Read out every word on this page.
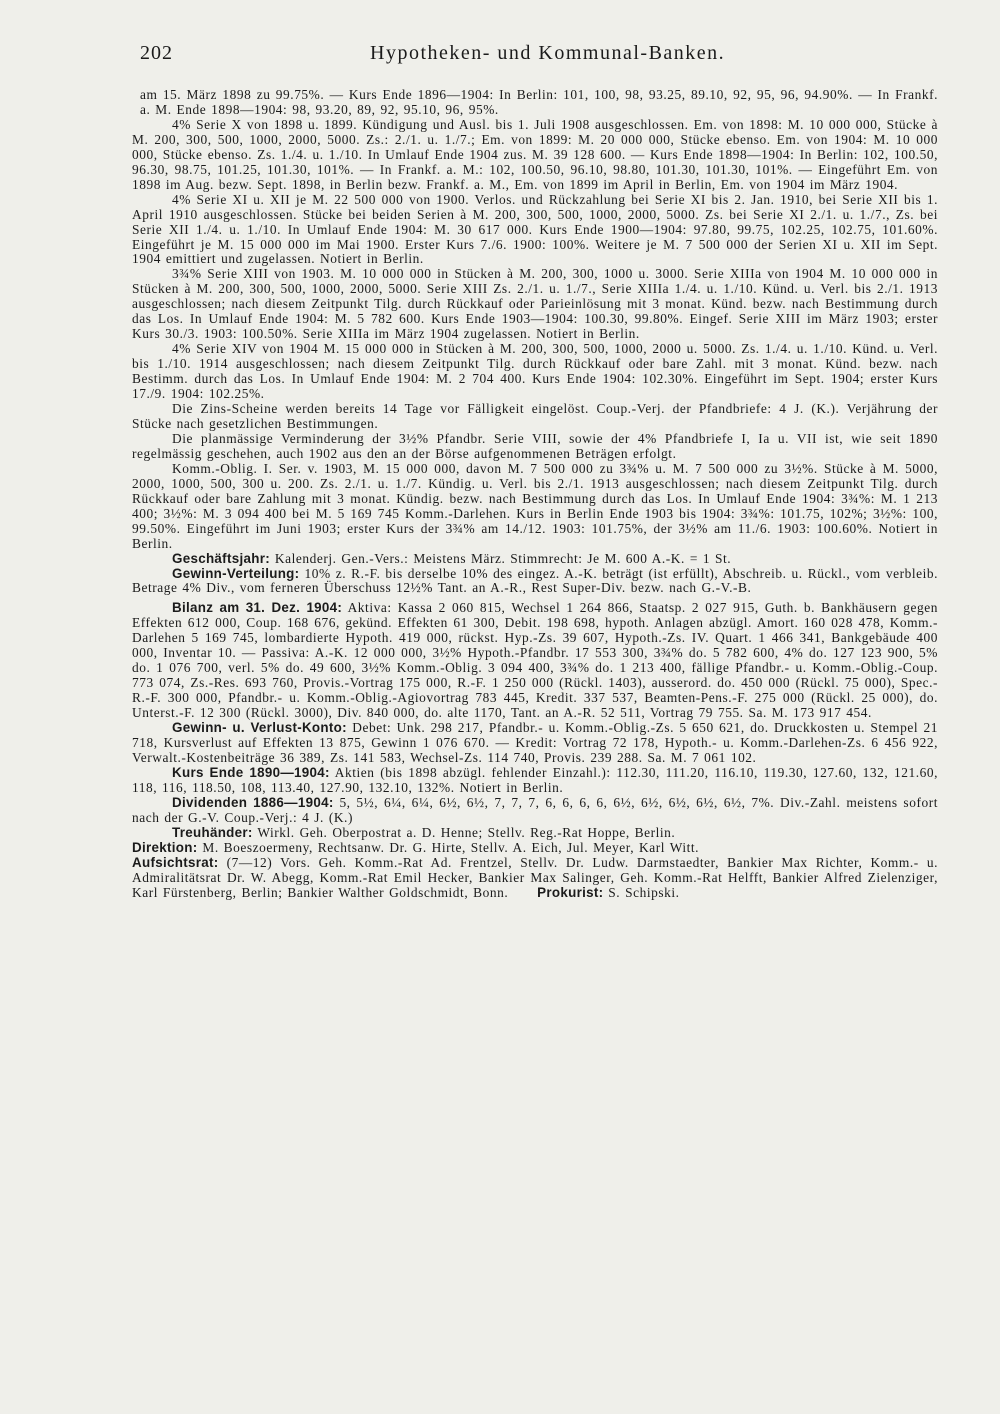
202	Hypotheken- und Kommunal-Banken.

am 15. März 1898 zu 99.75%. — Kurs Ende 1896—1904: In Berlin: 101, 100, 98, 93.25, 89.10, 92, 95, 96, 94.90%. — In Frankf. a. M. Ende 1898—1904: 98, 93.20, 89, 92, 95.10, 96, 95%.

4% Serie X von 1898 u. 1899. Kündigung und Ausl. bis 1. Juli 1908 ausgeschlossen. Em. von 1898: M. 10 000 000, Stücke à M. 200, 300, 500, 1000, 2000, 5000. Zs.: 2./1. u. 1./7.; Em. von 1899: M. 20 000 000, Stücke ebenso. Em. von 1904: M. 10 000 000, Stücke ebenso. Zs. 1./4. u. 1./10. In Umlauf Ende 1904 zus. M. 39 128 600. — Kurs Ende 1898—1904: In Berlin: 102, 100.50, 96.30, 98.75, 101.25, 101.30, 101%. — In Frankf. a. M.: 102, 100.50, 96.10, 98.80, 101.30, 101.30, 101%. — Eingeführt Em. von 1898 im Aug. bezw. Sept. 1898, in Berlin bezw. Frankf. a. M., Em. von 1899 im April in Berlin, Em. von 1904 im März 1904.

4% Serie XI u. XII je M. 22 500 000 von 1900. Verlos. und Rückzahlung bei Serie XI bis 2. Jan. 1910, bei Serie XII bis 1. April 1910 ausgeschlossen. Stücke bei beiden Serien à M. 200, 300, 500, 1000, 2000, 5000. Zs. bei Serie XI 2./1. u. 1./7., Zs. bei Serie XII 1./4. u. 1./10. In Umlauf Ende 1904: M. 30 617 000. Kurs Ende 1900—1904: 97.80, 99.75, 102.25, 102.75, 101.60%. Eingeführt je M. 15 000 000 im Mai 1900. Erster Kurs 7./6. 1900: 100%. Weitere je M. 7 500 000 der Serien XI u. XII im Sept. 1904 emittiert und zugelassen. Notiert in Berlin.

3¾% Serie XIII von 1903. M. 10 000 000 in Stücken à M. 200, 300, 1000 u. 3000. Serie XIIIa von 1904 M. 10 000 000 in Stücken à M. 200, 300, 500, 1000, 2000, 5000. Serie XIII Zs. 2./1. u. 1./7., Serie XIIIa 1./4. u. 1./10. Künd. u. Verl. bis 2./1. 1913 ausgeschlossen; nach diesem Zeitpunkt Tilg. durch Rückkauf oder Parieinlösung mit 3 monat. Künd. bezw. nach Bestimmung durch das Los. In Umlauf Ende 1904: M. 5 782 600. Kurs Ende 1903—1904: 100.30, 99.80%. Eingef. Serie XIII im März 1903; erster Kurs 30./3. 1903: 100.50%. Serie XIIIa im März 1904 zugelassen. Notiert in Berlin.

4% Serie XIV von 1904 M. 15 000 000 in Stücken à M. 200, 300, 500, 1000, 2000 u. 5000. Zs. 1./4. u. 1./10. Künd. u. Verl. bis 1./10. 1914 ausgeschlossen; nach diesem Zeitpunkt Tilg. durch Rückkauf oder bare Zahl. mit 3 monat. Künd. bezw. nach Bestimm. durch das Los. In Umlauf Ende 1904: M. 2 704 400. Kurs Ende 1904: 102.30%. Eingeführt im Sept. 1904; erster Kurs 17./9. 1904: 102.25%.

Die Zins-Scheine werden bereits 14 Tage vor Fälligkeit eingelöst. Coup.-Verj. der Pfandbriefe: 4 J. (K.). Verjährung der Stücke nach gesetzlichen Bestimmungen.

Die planmässige Verminderung der 3½% Pfandbr. Serie VIII, sowie der 4% Pfandbriefe I, Ia u. VII ist, wie seit 1890 regelmässig geschehen, auch 1902 aus den an der Börse aufgenommenen Beträgen erfolgt.

Komm.-Oblig. I. Ser. v. 1903, M. 15 000 000, davon M. 7 500 000 zu 3¾% u. M. 7 500 000 zu 3½%. Stücke à M. 5000, 2000, 1000, 500, 300 u. 200. Zs. 2./1. u. 1./7. Kündig. u. Verl. bis 2./1. 1913 ausgeschlossen; nach diesem Zeitpunkt Tilg. durch Rückkauf oder bare Zahlung mit 3 monat. Kündig. bezw. nach Bestimmung durch das Los. In Umlauf Ende 1904: 3¾%: M. 1 213 400; 3½%: M. 3 094 400 bei M. 5 169 745 Komm.-Darlehen. Kurs in Berlin Ende 1903 bis 1904: 3¾%: 101.75, 102%; 3½%: 100, 99.50%. Eingeführt im Juni 1903; erster Kurs der 3¾% am 14./12. 1903: 101.75%, der 3½% am 11./6. 1903: 100.60%. Notiert in Berlin.

Geschäftsjahr: Kalenderj. Gen.-Vers.: Meistens März. Stimmrecht: Je M. 600 A.-K. = 1 St.

Gewinn-Verteilung: 10% z. R.-F. bis derselbe 10% des eingez. A.-K. beträgt (ist erfüllt), Abschreib. u. Rückl., vom verbleib. Betrage 4% Div., vom ferneren Überschuss 12½% Tant. an A.-R., Rest Super-Div. bezw. nach G.-V.-B.

Bilanz am 31. Dez. 1904: Aktiva: Kassa 2 060 815, Wechsel 1 264 866, Staatsp. 2 027 915, Guth. b. Bankhäusern gegen Effekten 612 000, Coup. 168 676, gekünd. Effekten 61 300, Debit. 198 698, hypoth. Anlagen abzügl. Amort. 160 028 478, Komm.-Darlehen 5 169 745, lombardierte Hypoth. 419 000, rückst. Hyp.-Zs. 39 607, Hypoth.-Zs. IV. Quart. 1 466 341, Bankgebäude 400 000, Inventar 10. — Passiva: A.-K. 12 000 000, 3½% Hypoth.-Pfandbr. 17 553 300, 3¾% do. 5 782 600, 4% do. 127 123 900, 5% do. 1 076 700, verl. 5% do. 49 600, 3½% Komm.-Oblig. 3 094 400, 3¾% do. 1 213 400, fällige Pfandbr.- u. Komm.-Oblig.-Coup. 773 074, Zs.-Res. 693 760, Provis.-Vortrag 175 000, R.-F. 1 250 000 (Rückl. 1403), ausserord. do. 450 000 (Rückl. 75 000), Spec.-R.-F. 300 000, Pfandbr.- u. Komm.-Oblig.-Agiovortrag 783 445, Kredit. 337 537, Beamten-Pens.-F. 275 000 (Rückl. 25 000), do. Unterst.-F. 12 300 (Rückl. 3000), Div. 840 000, do. alte 1170, Tant. an A.-R. 52 511, Vortrag 79 755. Sa. M. 173 917 454.

Gewinn- u. Verlust-Konto: Debet: Unk. 298 217, Pfandbr.- u. Komm.-Oblig.-Zs. 5 650 621, do. Druckkosten u. Stempel 21 718, Kursverlust auf Effekten 13 875, Gewinn 1 076 670. — Kredit: Vortrag 72 178, Hypoth.- u. Komm.-Darlehen-Zs. 6 456 922, Verwalt.-Kostenbeiträge 36 389, Zs. 141 583, Wechsel-Zs. 114 740, Provis. 239 288. Sa. M. 7 061 102.

Kurs Ende 1890—1904: Aktien (bis 1898 abzügl. fehlender Einzahl.): 112.30, 111.20, 116.10, 119.30, 127.60, 132, 121.60, 118, 116, 118.50, 108, 113.40, 127.90, 132.10, 132%. Notiert in Berlin.

Dividenden 1886—1904: 5, 5½, 6¼, 6¼, 6½, 6½, 7, 7, 7, 6, 6, 6, 6, 6½, 6½, 6½, 6½, 6½, 7%. Div.-Zahl. meistens sofort nach der G.-V. Coup.-Verj.: 4 J. (K.)

Treuhänder: Wirkl. Geh. Oberpostrat a. D. Henne; Stellv. Reg.-Rat Hoppe, Berlin.

Direktion: M. Boeszoermeny, Rechtsanw. Dr. G. Hirte, Stellv. A. Eich, Jul. Meyer, Karl Witt.

Aufsichtsrat: (7—12) Vors. Geh. Komm.-Rat Ad. Frentzel, Stellv. Dr. Ludw. Darmstaedter, Bankier Max Richter, Komm.- u. Admiralitätsrat Dr. W. Abegg, Komm.-Rat Emil Hecker, Bankier Max Salinger, Geh. Komm.-Rat Helfft, Bankier Alfred Zielenziger, Karl Fürstenberg, Berlin; Bankier Walther Goldschmidt, Bonn. Prokurist: S. Schipski.
